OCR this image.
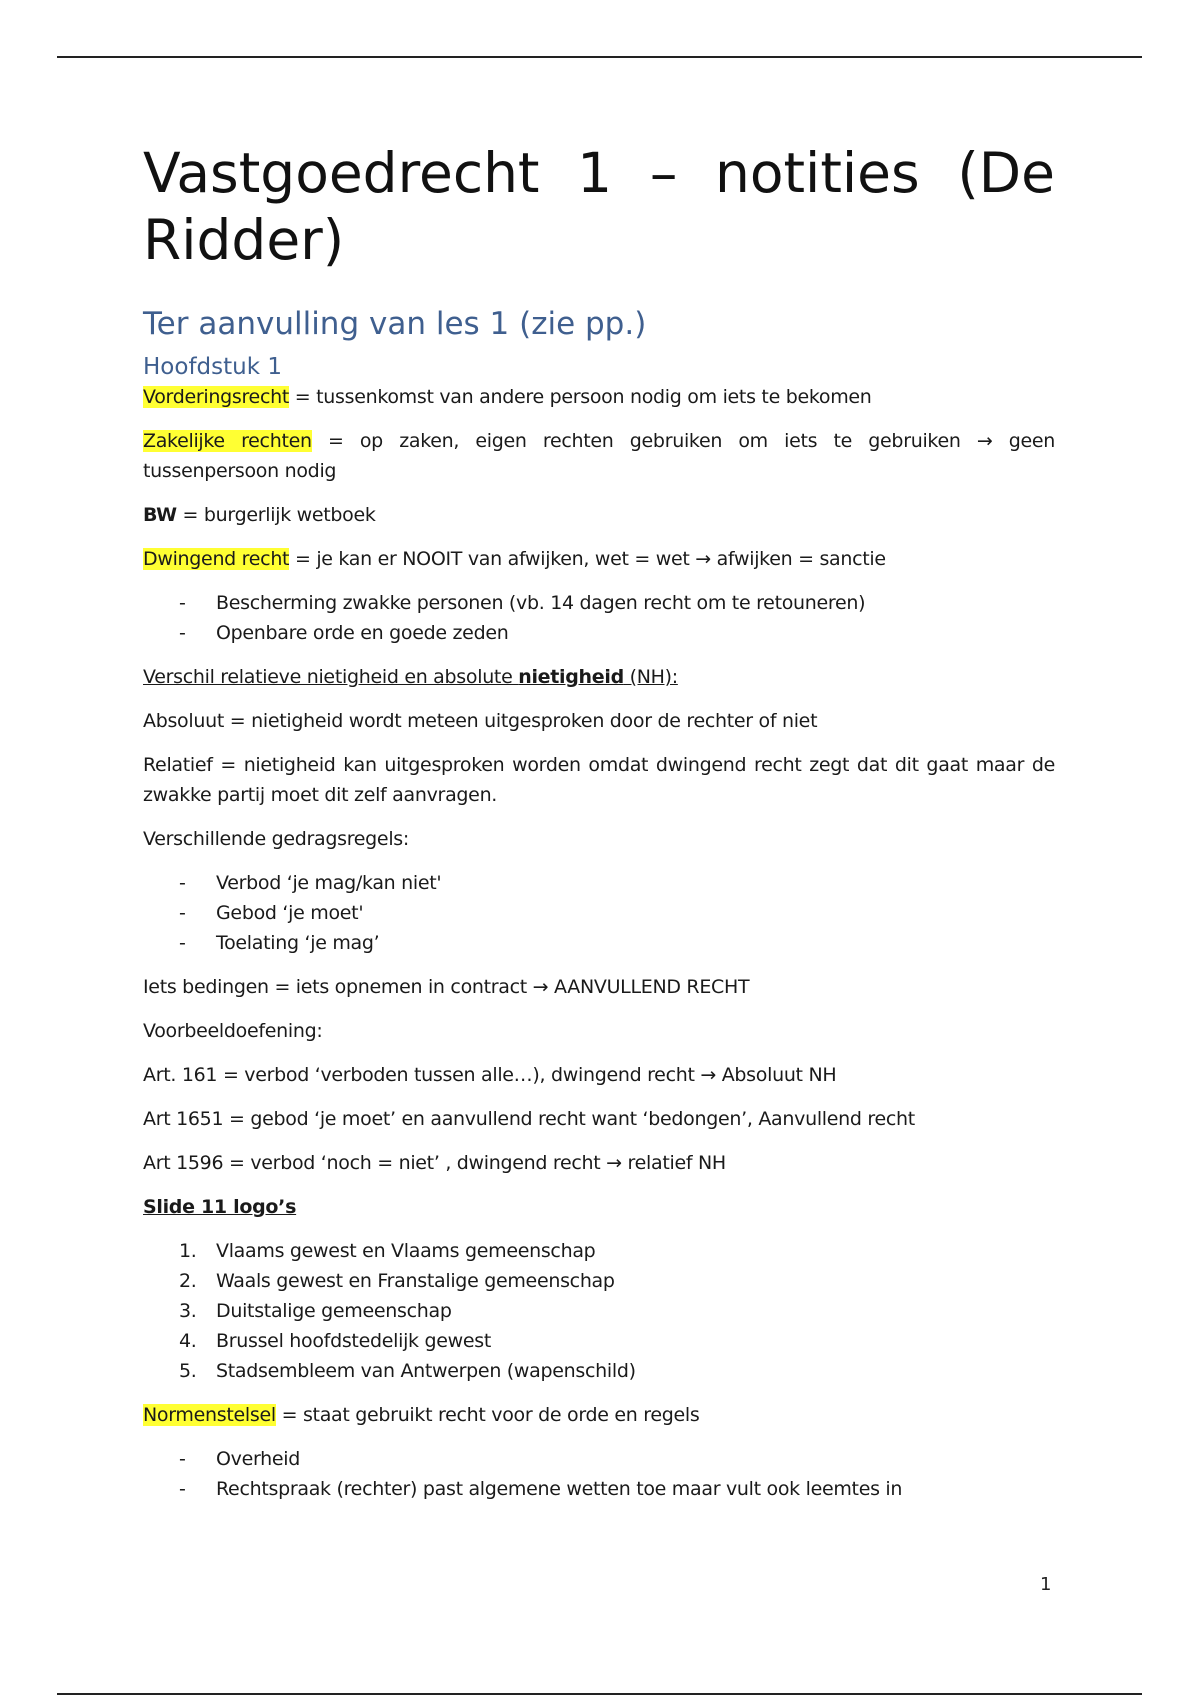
Vastgoedrecht 1 – notities (De Ridder)
Ter aanvulling van les 1 (zie pp.)
Hoofdstuk 1

Vorderingsrecht = tussenkomst van andere persoon nodig om iets te bekomen

Zakelijke rechten = op zaken, eigen rechten gebruiken om iets te gebruiken → geen tussenpersoon nodig

BW = burgerlijk wetboek

Dwingend recht = je kan er NOOIT van afwijken, wet = wet → afwijken = sanctie

-	Bescherming zwakke personen (vb. 14 dagen recht om te retouneren)
-	Openbare orde en goede zeden

Verschil relatieve nietigheid en absolute nietigheid (NH):

Absoluut = nietigheid wordt meteen uitgesproken door de rechter of niet

Relatief = nietigheid kan uitgesproken worden omdat dwingend recht zegt dat dit gaat maar de zwakke partij moet dit zelf aanvragen.

Verschillende gedragsregels:

-	Verbod ‘je mag/kan niet'
-	Gebod ‘je moet'
-	Toelating ‘je mag’

Iets bedingen = iets opnemen in contract → AANVULLEND RECHT

Voorbeeldoefening:

Art. 161 = verbod ‘verboden tussen alle…), dwingend recht → Absoluut NH

Art 1651 = gebod ‘je moet’ en aanvullend recht want ‘bedongen’, Aanvullend recht

Art 1596 = verbod ‘noch = niet’ , dwingend recht → relatief NH

Slide 11 logo’s

1.	Vlaams gewest en Vlaams gemeenschap
2.	Waals gewest en Franstalige gemeenschap
3.	Duitstalige gemeenschap
4.	Brussel hoofdstedelijk gewest
5.	Stadsembleem van Antwerpen (wapenschild)

Normenstelsel = staat gebruikt recht voor de orde en regels

-	Overheid
-	Rechtspraak (rechter) past algemene wetten toe maar vult ook leemtes in
1
